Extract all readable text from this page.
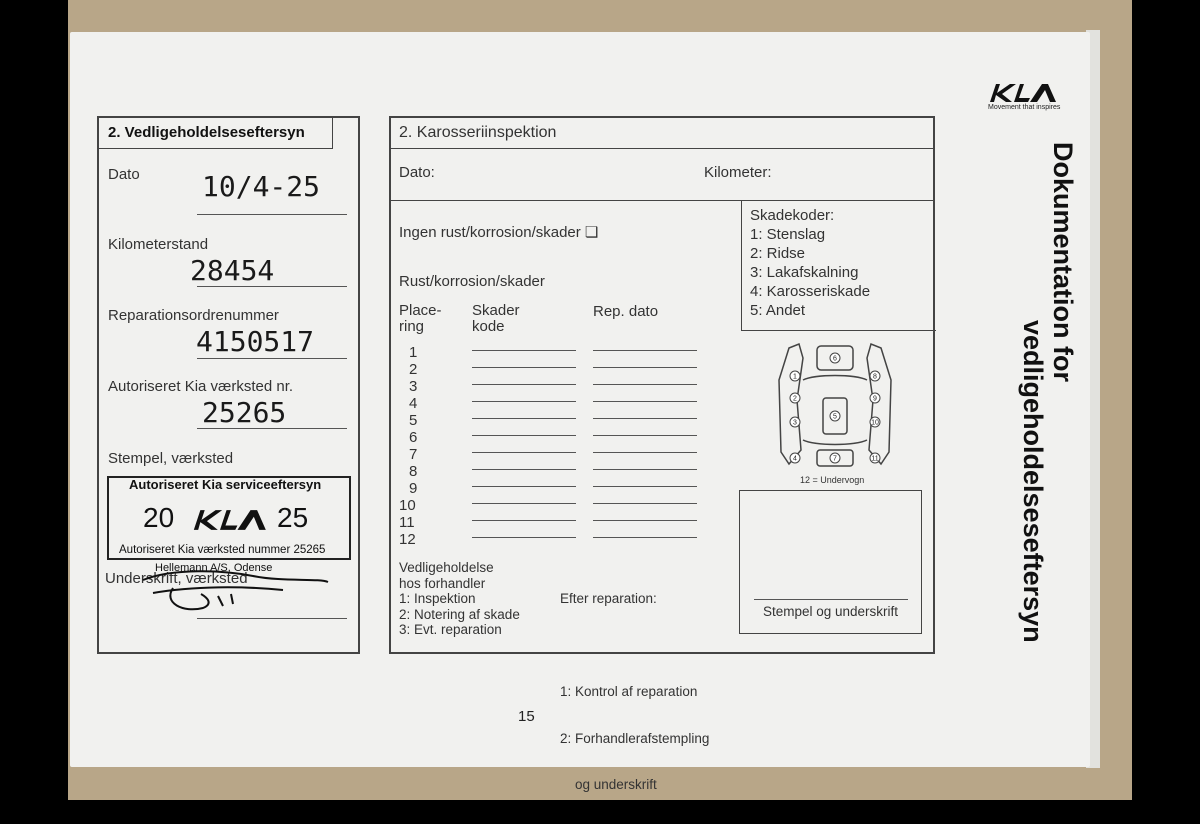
Movement that inspires
2. Vedligeholdelseseftersyn
Dato 10/4-25
Kilometerstand
28454
Reparationsordrenummer
4150517
Autoriseret Kia værksted nr.
25265
Stempel, værksted
Autoriseret Kia serviceeftersyn
20	25
Autoriseret Kia værksted nummer 25265
Hellemann A/S, Odense
Underskrift, værksted
2. Karosseriinspektion
Dato:	Kilometer:
Ingen rust/korrosion/skader ❏
Rust/korrosion/skader
Place-
ring
Skader
kode
Rep. dato
1
2
3
4
5
6
7
8
9
10
11
12
Skadekoder:
1: Stenslag
2: Ridse
3: Lakafskalning
4: Karosseriskade
5: Andet
6
1
2
3
4
5
8
9
10
11
7
12 = Undervogn
Vedligeholdelse
hos forhandler
1: Inspektion
2: Notering af skade
3: Evt. reparation

Efter reparation:

1: Kontrol af reparation

2: Forhandlerafstempling

og underskrift

Stempel og underskrift
Dokumentation for
vedligeholdelseseftersyn
15
